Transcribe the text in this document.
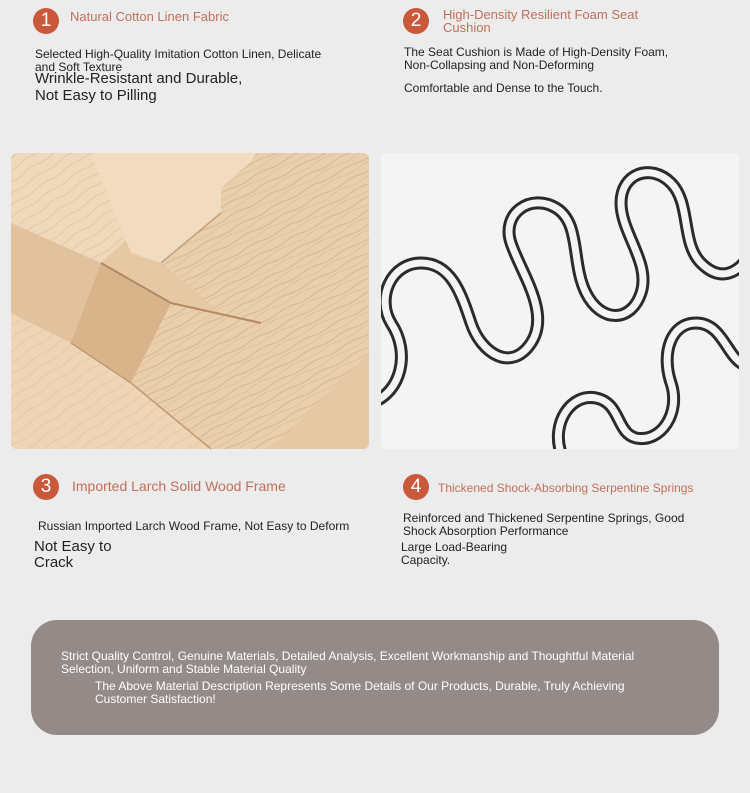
1	Natural Cotton Linen Fabric
Selected High-Quality Imitation Cotton Linen, Delicate and Soft Texture
Wrinkle-Resistant and Durable,
Not Easy to Pilling
2	High-Density Resilient Foam Seat Cushion
The Seat Cushion is Made of High-Density Foam, Non-Collapsing and Non-Deforming
Comfortable and Dense to the Touch.
3	Imported Larch Solid Wood Frame
Russian Imported Larch Wood Frame, Not Easy to Deform
Not Easy to
Crack
4	Thickened Shock-Absorbing Serpentine Springs
Reinforced and Thickened Serpentine Springs, Good Shock Absorption Performance
Large Load-Bearing
Capacity.
Strict Quality Control, Genuine Materials, Detailed Analysis, Excellent Workmanship and Thoughtful Material Selection, Uniform and Stable Material Quality
The Above Material Description Represents Some Details of Our Products, Durable, Truly Achieving Customer Satisfaction!
